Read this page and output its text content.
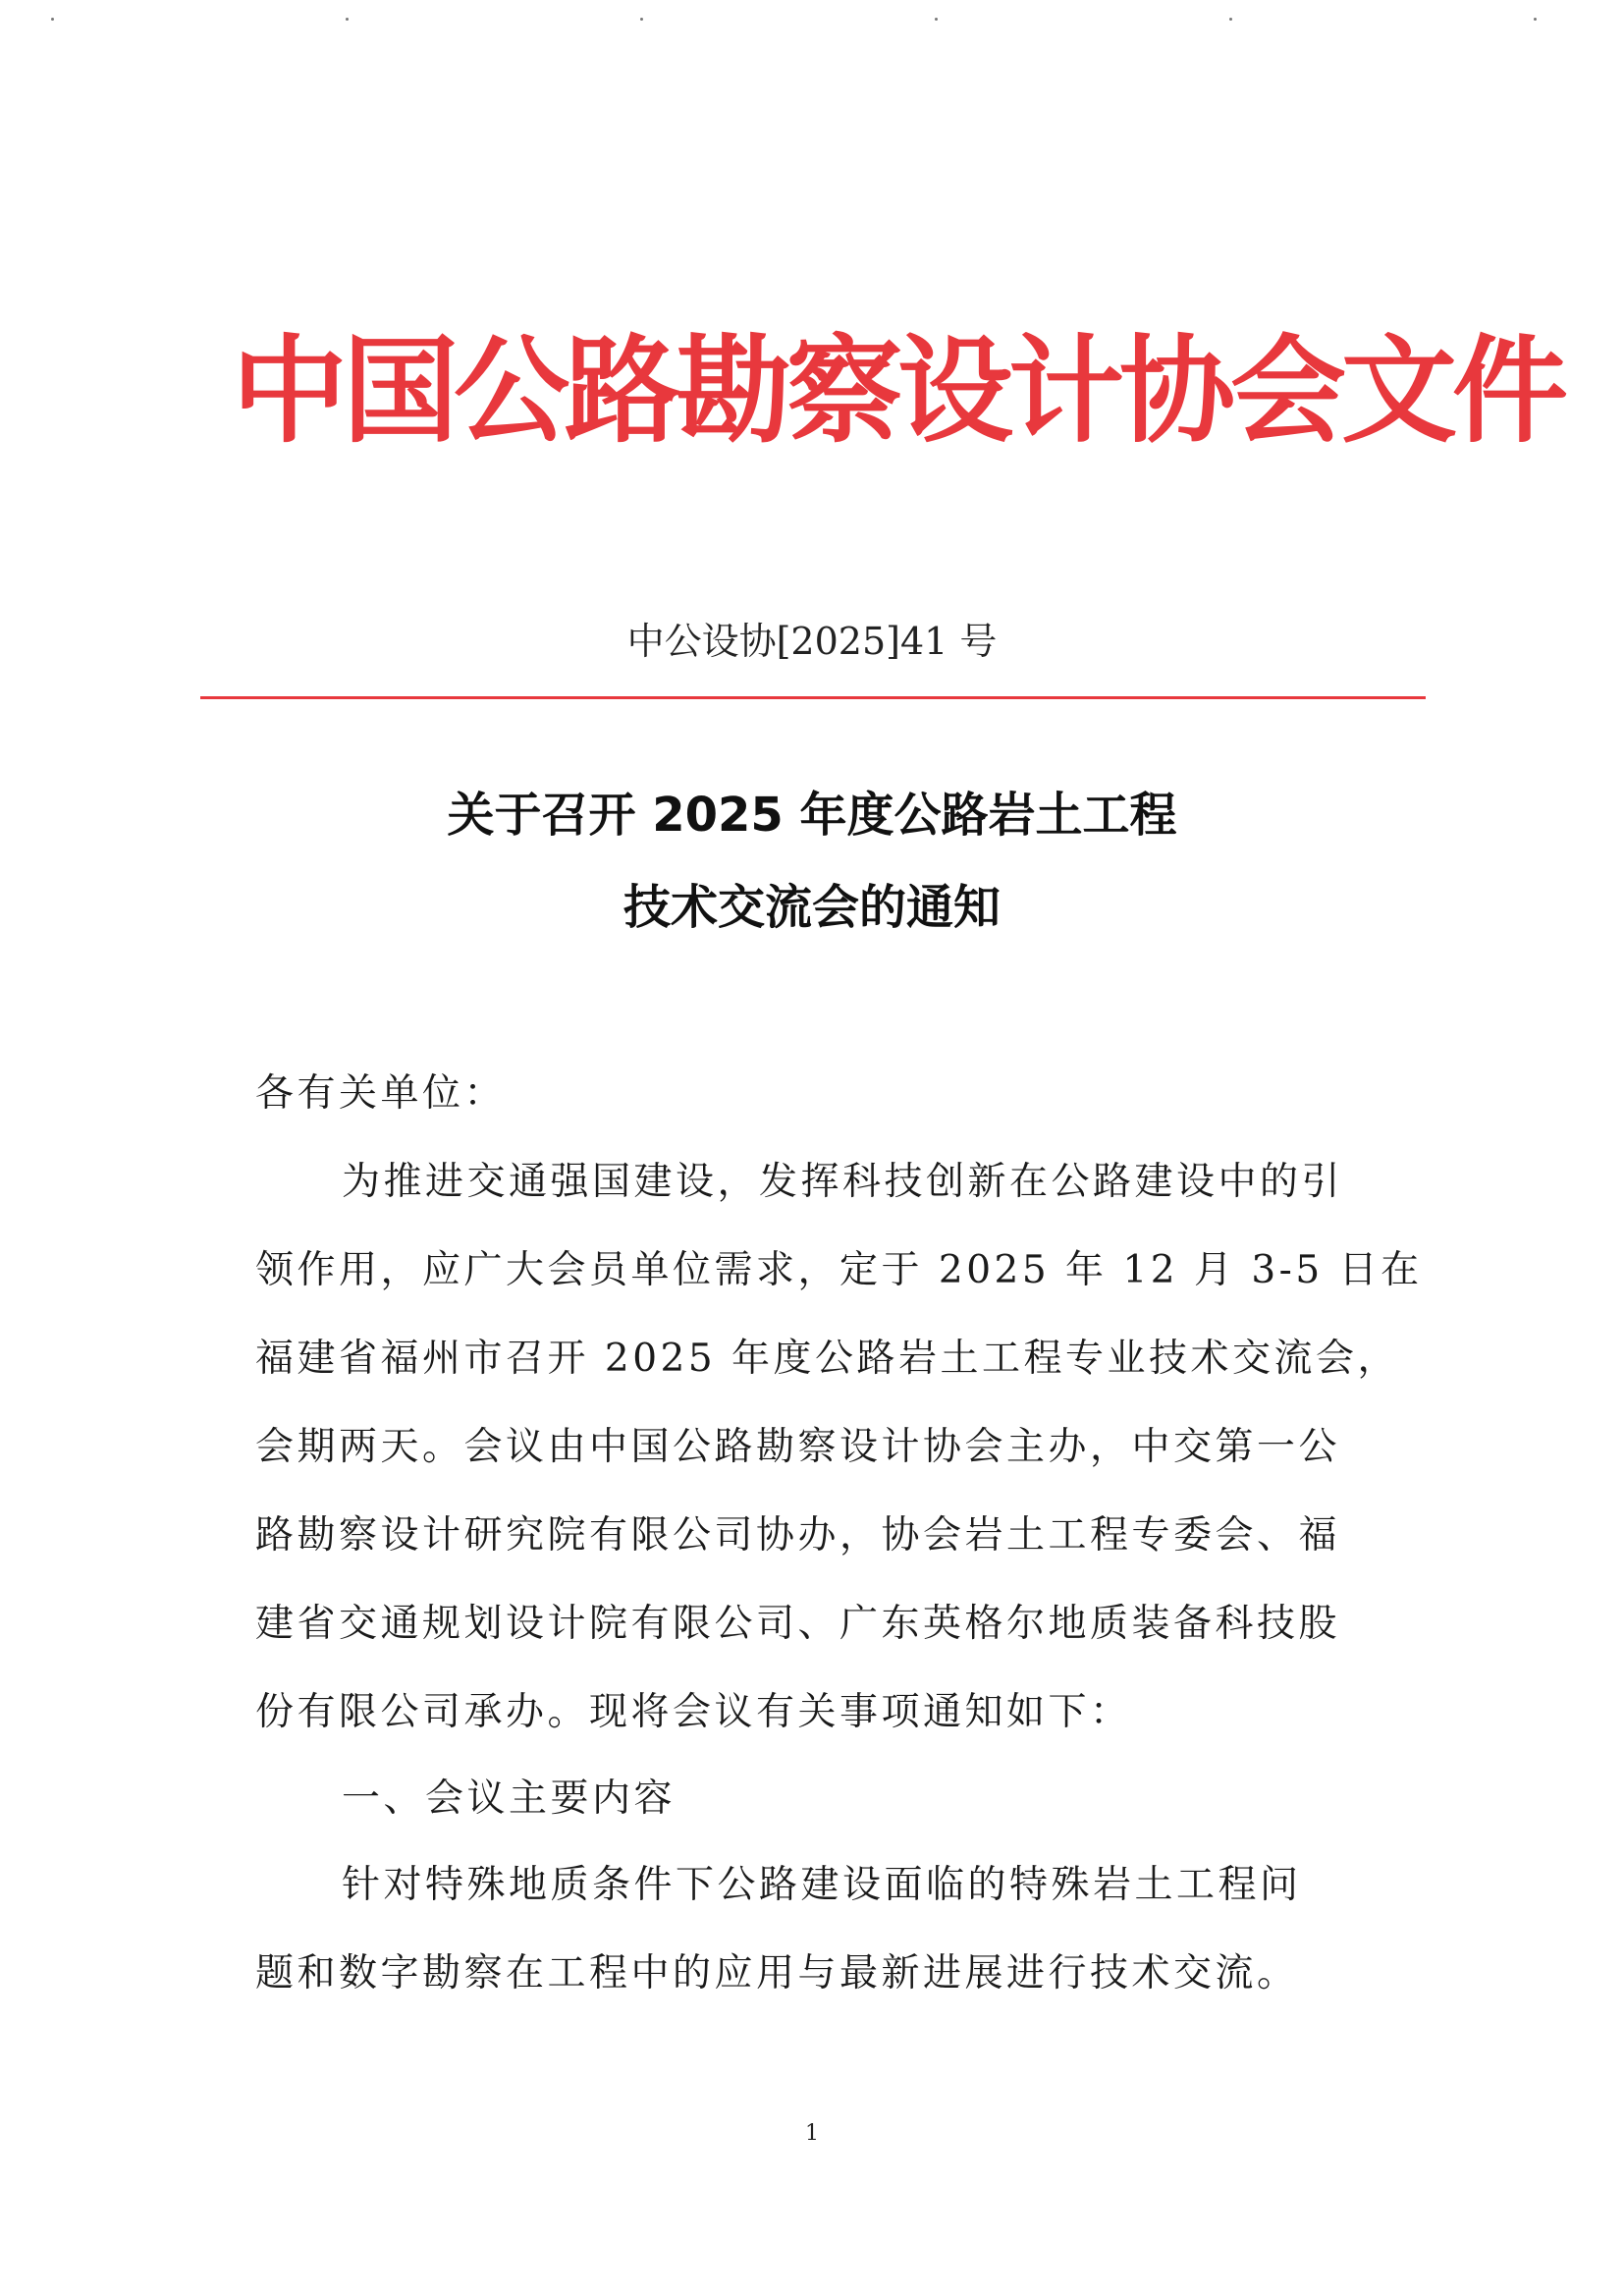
中国公路勘察设计协会文件
中公设协[2025]41 号
关于召开 2025 年度公路岩土工程
技术交流会的通知
各有关单位：
为推进交通强国建设，发挥科技创新在公路建设中的引
领作用，应广大会员单位需求，定于 2025 年 12 月 3-5 日在
福建省福州市召开 2025 年度公路岩土工程专业技术交流会，
会期两天。会议由中国公路勘察设计协会主办，中交第一公
路勘察设计研究院有限公司协办，协会岩土工程专委会、福
建省交通规划设计院有限公司、广东英格尔地质装备科技股
份有限公司承办。现将会议有关事项通知如下：
一、会议主要内容
针对特殊地质条件下公路建设面临的特殊岩土工程问
题和数字勘察在工程中的应用与最新进展进行技术交流。
1
